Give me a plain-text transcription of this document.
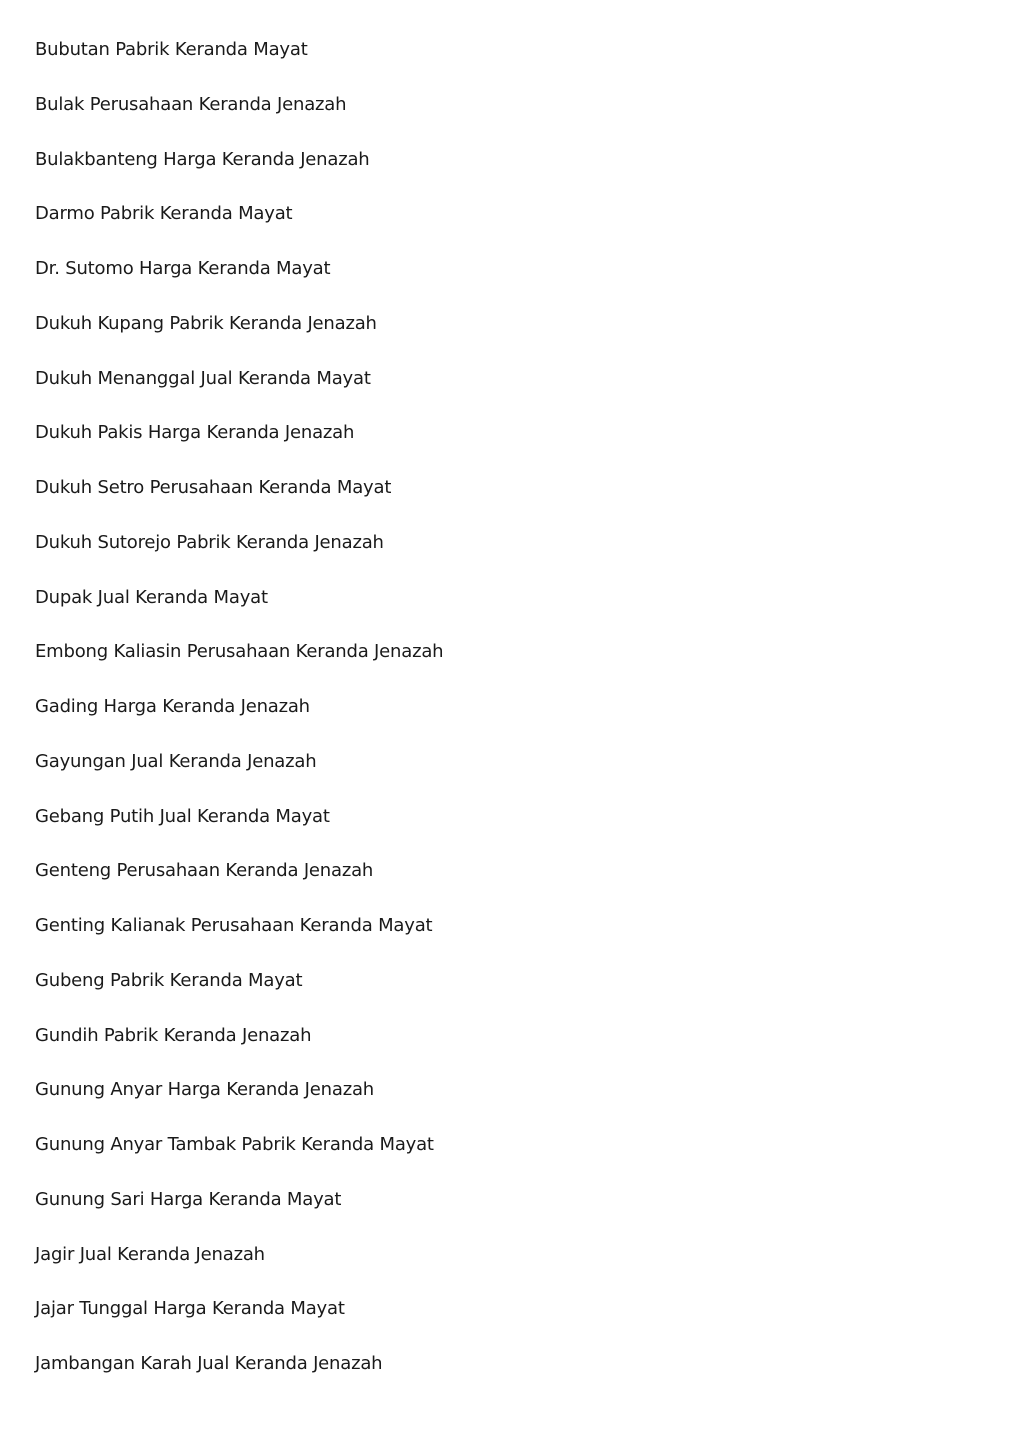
Bubutan Pabrik Keranda Mayat
Bulak Perusahaan Keranda Jenazah
Bulakbanteng Harga Keranda Jenazah
Darmo Pabrik Keranda Mayat
Dr. Sutomo Harga Keranda Mayat
Dukuh Kupang Pabrik Keranda Jenazah
Dukuh Menanggal Jual Keranda Mayat
Dukuh Pakis Harga Keranda Jenazah
Dukuh Setro Perusahaan Keranda Mayat
Dukuh Sutorejo Pabrik Keranda Jenazah
Dupak Jual Keranda Mayat
Embong Kaliasin Perusahaan Keranda Jenazah
Gading Harga Keranda Jenazah
Gayungan Jual Keranda Jenazah
Gebang Putih Jual Keranda Mayat
Genteng Perusahaan Keranda Jenazah
Genting Kalianak Perusahaan Keranda Mayat
Gubeng Pabrik Keranda Mayat
Gundih Pabrik Keranda Jenazah
Gunung Anyar Harga Keranda Jenazah
Gunung Anyar Tambak Pabrik Keranda Mayat
Gunung Sari Harga Keranda Mayat
Jagir Jual Keranda Jenazah
Jajar Tunggal Harga Keranda Mayat
Jambangan Karah Jual Keranda Jenazah
